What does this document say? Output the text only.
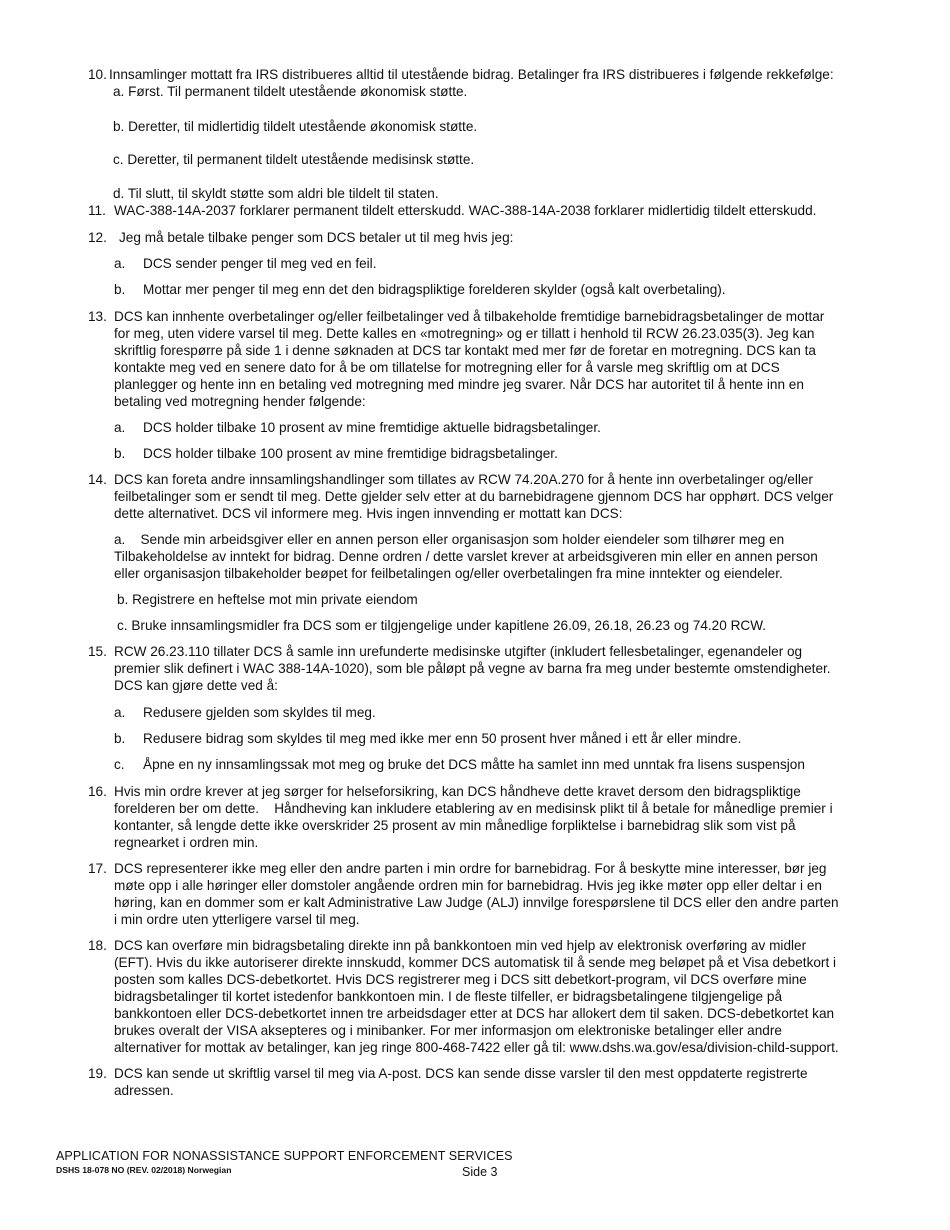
10. Innsamlinger mottatt fra IRS distribueres alltid til utestående bidrag. Betalinger fra IRS distribueres i følgende rekkefølge:
a. Først. Til permanent tildelt utestående økonomisk støtte.
b. Deretter, til midlertidig tildelt utestående økonomisk støtte.
c. Deretter, til permanent tildelt utestående medisinsk støtte.
d. Til slutt, til skyldt støtte som aldri ble tildelt til staten.
11. WAC-388-14A-2037 forklarer permanent tildelt etterskudd. WAC-388-14A-2038 forklarer midlertidig tildelt etterskudd.
12. Jeg må betale tilbake penger som DCS betaler ut til meg hvis jeg:
a. DCS sender penger til meg ved en feil.
b. Mottar mer penger til meg enn det den bidragspliktige forelderen skylder (også kalt overbetaling).
13. DCS kan innhente overbetalinger og/eller feilbetalinger ved å tilbakeholde fremtidige barnebidragsbetalinger de mottar
for meg, uten videre varsel til meg. Dette kalles en «motregning» og er tillatt i henhold til RCW 26.23.035(3). Jeg kan
skriftlig forespørre på side 1 i denne søknaden at DCS tar kontakt med mer før de foretar en motregning. DCS kan ta
kontakte meg ved en senere dato for å be om tillatelse for motregning eller for å varsle meg skriftlig om at DCS
planlegger og hente inn en betaling ved motregning med mindre jeg svarer. Når DCS har autoritet til å hente inn en
betaling ved motregning hender følgende:
a. DCS holder tilbake 10 prosent av mine fremtidige aktuelle bidragsbetalinger.
b. DCS holder tilbake 100 prosent av mine fremtidige bidragsbetalinger.
14. DCS kan foreta andre innsamlingshandlinger som tillates av RCW 74.20A.270 for å hente inn overbetalinger og/eller
feilbetalinger som er sendt til meg. Dette gjelder selv etter at du barnebidragene gjennom DCS har opphørt. DCS velger
dette alternativet. DCS vil informere meg. Hvis ingen innvending er mottatt kan DCS:
a.    Sende min arbeidsgiver eller en annen person eller organisasjon som holder eiendeler som tilhører meg en
Tilbakeholdelse av inntekt for bidrag. Denne ordren / dette varslet krever at arbeidsgiveren min eller en annen person
eller organisasjon tilbakeholder beøpet for feilbetalingen og/eller overbetalingen fra mine inntekter og eiendeler.
b. Registrere en heftelse mot min private eiendom
c. Bruke innsamlingsmidler fra DCS som er tilgjengelige under kapitlene 26.09, 26.18, 26.23 og 74.20 RCW.
15. RCW 26.23.110 tillater DCS å samle inn urefunderte medisinske utgifter (inkludert fellesbetalinger, egenandeler og
premier slik definert i WAC 388-14A-1020), som ble påløpt på vegne av barna fra meg under bestemte omstendigheter.
DCS kan gjøre dette ved å:
a. Redusere gjelden som skyldes til meg.
b. Redusere bidrag som skyldes til meg med ikke mer enn 50 prosent hver måned i ett år eller mindre.
c. Åpne en ny innsamlingssak mot meg og bruke det DCS måtte ha samlet inn med unntak fra lisens suspensjon
16. Hvis min ordre krever at jeg sørger for helseforsikring, kan DCS håndheve dette kravet dersom den bidragspliktige
forelderen ber om dette.    Håndheving kan inkludere etablering av en medisinsk plikt til å betale for månedlige premier i
kontanter, så lengde dette ikke overskrider 25 prosent av min månedlige forpliktelse i barnebidrag slik som vist på
regnearket i ordren min.
17. DCS representerer ikke meg eller den andre parten i min ordre for barnebidrag. For å beskytte mine interesser, bør jeg
møte opp i alle høringer eller domstoler angående ordren min for barnebidrag. Hvis jeg ikke møter opp eller deltar i en
høring, kan en dommer som er kalt Administrative Law Judge (ALJ) innvilge forespørslene til DCS eller den andre parten
i min ordre uten ytterligere varsel til meg.
18. DCS kan overføre min bidragsbetaling direkte inn på bankkontoen min ved hjelp av elektronisk overføring av midler
(EFT). Hvis du ikke autoriserer direkte innskudd, kommer DCS automatisk til å sende meg beløpet på et Visa debetkort i
posten som kalles DCS-debetkortet. Hvis DCS registrerer meg i DCS sitt debetkort-program, vil DCS overføre mine
bidragsbetalinger til kortet istedenfor bankkontoen min. I de fleste tilfeller, er bidragsbetalingene tilgjengelige på
bankkontoen eller DCS-debetkortet innen tre arbeidsdager etter at DCS har allokert dem til saken. DCS-debetkortet kan
brukes overalt der VISA aksepteres og i minibanker. For mer informasjon om elektroniske betalinger eller andre
alternativer for mottak av betalinger, kan jeg ringe 800-468-7422 eller gå til: www.dshs.wa.gov/esa/division-child-support.
19. DCS kan sende ut skriftlig varsel til meg via A-post. DCS kan sende disse varsler til den mest oppdaterte registrerte
adressen.
APPLICATION FOR NONASSISTANCE SUPPORT ENFORCEMENT SERVICES
DSHS 18-078 NO (REV. 02/2018) Norwegian	Side 3
